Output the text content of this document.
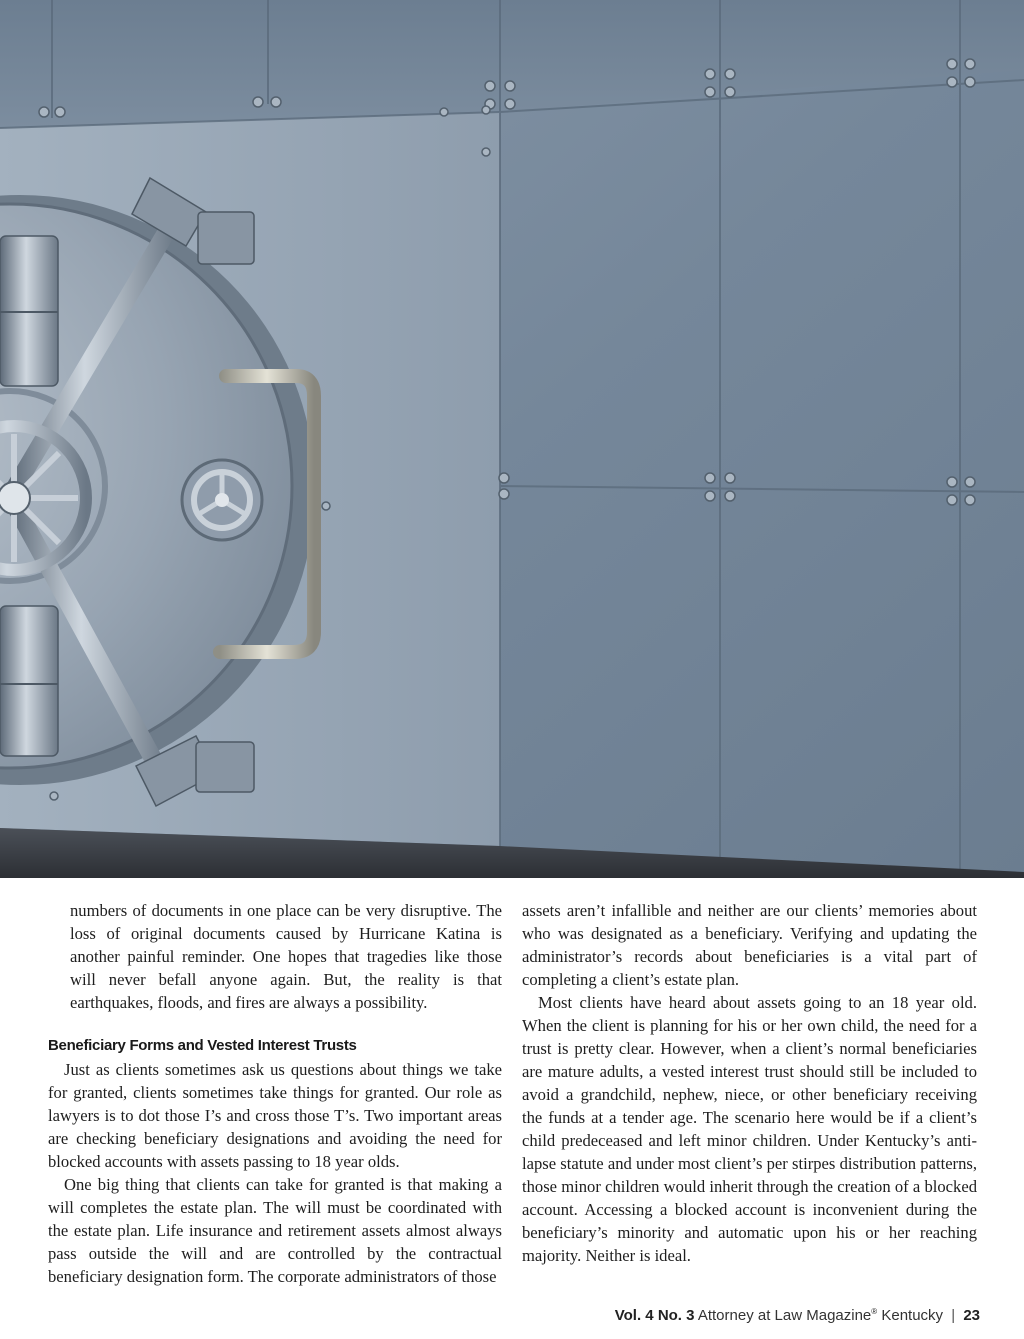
numbers of documents in one place can be very disruptive. The loss of original documents caused by Hurricane Katina is another painful reminder. One hopes that tragedies like those will never befall anyone again. But, the reality is that earthquakes, floods, and fires are always a possibility.

Beneficiary Forms and Vested Interest Trusts

Just as clients sometimes ask us questions about things we take for granted, clients sometimes take things for granted. Our role as lawyers is to dot those I’s and cross those T’s. Two important areas are checking beneficiary designations and avoiding the need for blocked accounts with assets passing to 18 year olds.

One big thing that clients can take for granted is that making a will completes the estate plan. The will must be coordinated with the estate plan. Life insurance and retirement assets almost always pass outside the will and are controlled by the contractual beneficiary designation form. The corporate administrators of those

assets aren’t infallible and neither are our clients’ memories about who was designated as a beneficiary. Verifying and updating the administrator’s records about beneficiaries is a vital part of completing a client’s estate plan.

Most clients have heard about assets going to an 18 year old. When the client is planning for his or her own child, the need for a trust is pretty clear. However, when a client’s normal beneficiaries are mature adults, a vested interest trust should still be included to avoid a grandchild, nephew, niece, or other beneficiary receiving the funds at a tender age. The scenario here would be if a client’s child predeceased and left minor children. Under Kentucky’s anti-lapse statute and under most client’s per stirpes distribution patterns, those minor children would inherit through the creation of a blocked account. Accessing a blocked account is inconvenient during the beneficiary’s minority and automatic upon his or her reaching majority. Neither is ideal.

Vol. 4 No. 3 Attorney at Law Magazine® Kentucky | 23
